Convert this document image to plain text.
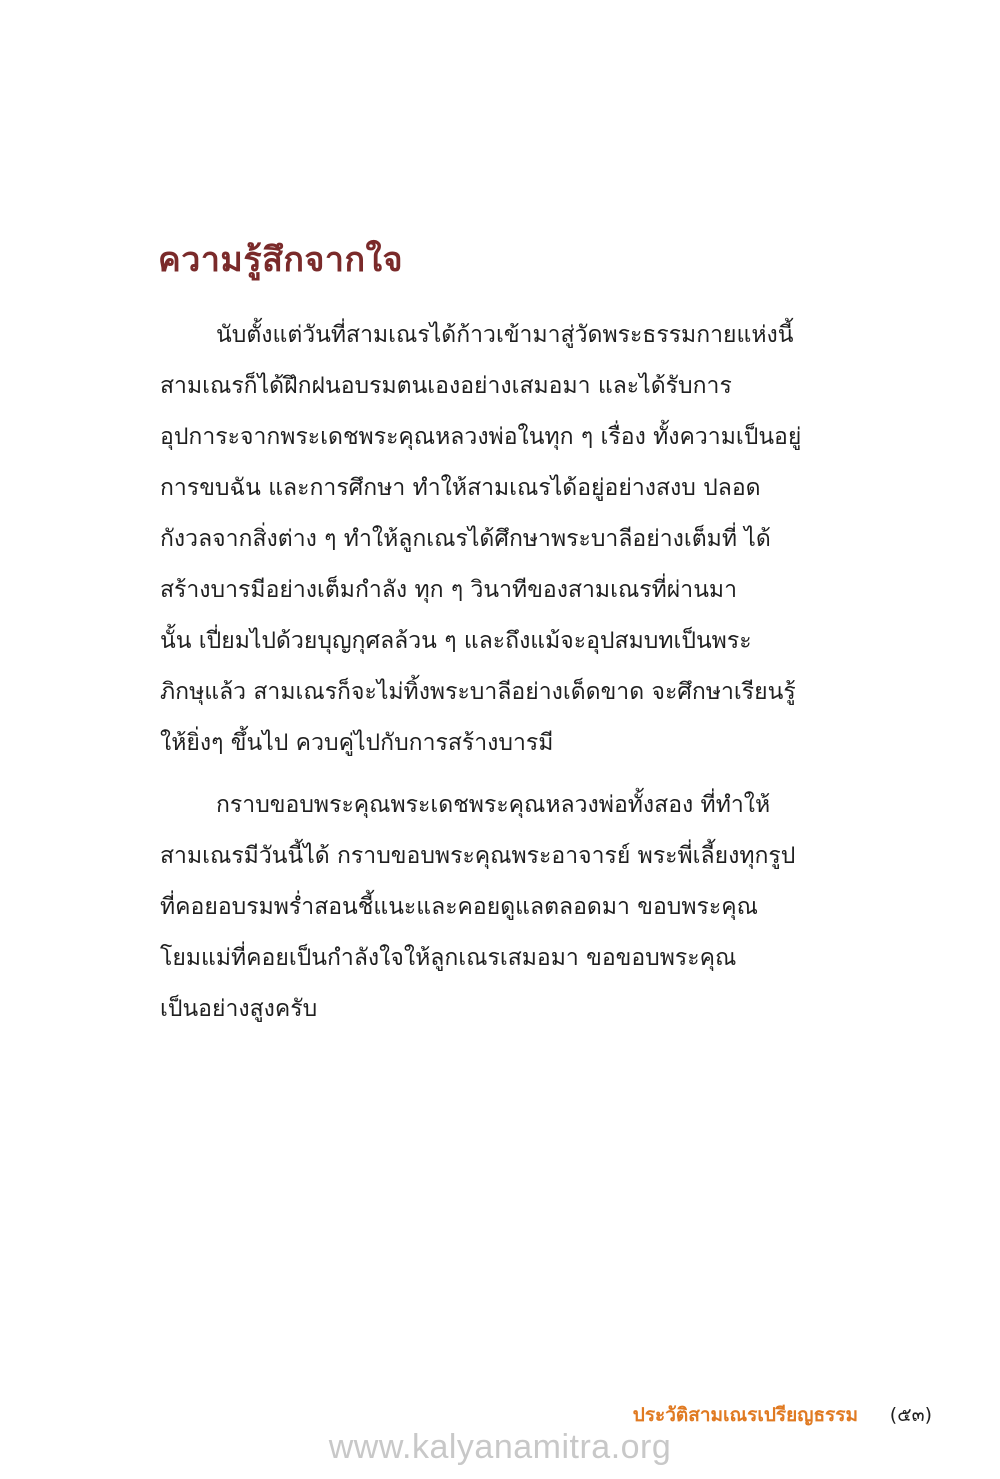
ความรู้สึกจากใจ
นับตั้งแต่วันที่สามเณรได้ก้าวเข้ามาสู่วัดพระธรรมกายแห่งนี้
สามเณรก็ได้ฝึกฝนอบรมตนเองอย่างเสมอมา และได้รับการ
อุปการะจากพระเดชพระคุณหลวงพ่อในทุก ๆ เรื่อง ทั้งความเป็นอยู่
การขบฉัน และการศึกษา ทำให้สามเณรได้อยู่อย่างสงบ ปลอด
กังวลจากสิ่งต่าง ๆ ทำให้ลูกเณรได้ศึกษาพระบาลีอย่างเต็มที่ ได้
สร้างบารมีอย่างเต็มกำลัง ทุก ๆ วินาทีของสามเณรที่ผ่านมา
นั้น เปี่ยมไปด้วยบุญกุศลล้วน ๆ และถึงแม้จะอุปสมบทเป็นพระ
ภิกษุแล้ว สามเณรก็จะไม่ทิ้งพระบาลีอย่างเด็ดขาด จะศึกษาเรียนรู้
ให้ยิ่งๆ ขึ้นไป ควบคู่ไปกับการสร้างบารมี
กราบขอบพระคุณพระเดชพระคุณหลวงพ่อทั้งสอง ที่ทำให้
สามเณรมีวันนี้ได้ กราบขอบพระคุณพระอาจารย์ พระพี่เลี้ยงทุกรูป
ที่คอยอบรมพร่ำสอนชี้แนะและคอยดูแลตลอดมา ขอบพระคุณ
โยมแม่ที่คอยเป็นกำลังใจให้ลูกเณรเสมอมา ขอขอบพระคุณ
เป็นอย่างสูงครับ
ประวัติสามเณรเปรียญธรรม (๕๓)
www.kalyanamitra.org
